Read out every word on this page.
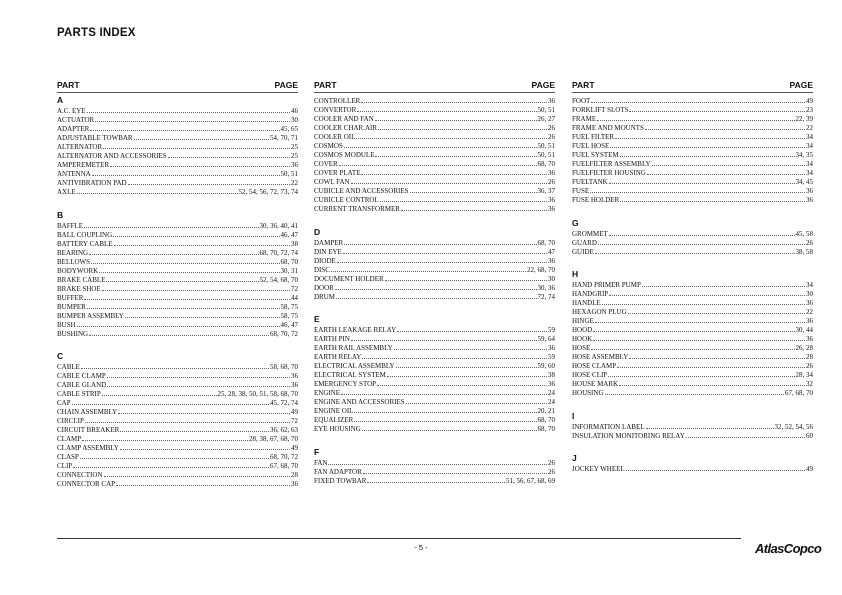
PARTS INDEX
PART	PAGE
A
A.C. EYE	46
ACTUATOR	30
ADAPTER	45, 65
ADJUSTABLE TOWBAR	54, 70, 71
ALTERNATOR	25
ALTERNATOR AND ACCESSORIES	25
AMPEREMETER	36
ANTENNA	50, 51
ANTIVIBRATION PAD	22
AXLE	52, 54, 56, 72, 73, 74
B
BAFFLE	30, 36, 40, 41
BALL COUPLING	46, 47
BATTERY CABLE	38
BEARING	68, 70, 72, 74
BELLOWS	68, 70
BODYWORK	30, 31
BRAKE CABLE	52, 54, 68, 70
BRAKE SHOE	72
BUFFER	44
BUMPER	58, 75
BUMPER ASSEMBLY	58, 75
BUSH	46, 47
BUSHING	68, 70, 72
C
CABLE	58, 68, 70
CABLE CLAMP	36
CABLE GLAND	36
CABLE STRIP	25, 28, 38, 50, 51, 58, 68, 70
CAP	45, 72, 74
CHAIN ASSEMBLY	49
CIRCLIP	72
CIRCUIT BREAKER	36, 62, 63
CLAMP	28, 38, 67, 68, 70
CLAMP ASSEMBLY	49
CLASP	68, 70, 72
CLIP	67, 68, 70
CONNECTION	28
CONNECTOR CAP	36
PART	PAGE
CONTROLLER	36
CONVERTOR	50, 51
COOLER AND FAN	26, 27
COOLER CHAR.AIR	26
COOLER OIL	26
COSMOS	50, 51
COSMOS MODULE	50, 51
COVER	68, 70
COVER PLATE	36
COWL FAN	26
CUBICLE AND ACCESSORIES	36, 37
CUBICLE CONTROL	36
CURRENT TRANSFORMER	36
D
DAMPER	68, 70
DIN EYE	47
DIODE	36
DISC	22, 68, 70
DOCUMENT HOLDER	30
DOOR	30, 36
DRUM	72, 74
E
EARTH LEAKAGE RELAY	59
EARTH PIN	59, 64
EARTH RAIL ASSEMBLY	36
EARTH RELAY	59
ELECTRICAL ASSEMBLY	59, 60
ELECTRICAL SYSTEM	38
EMERGENCY STOP	36
ENGINE	24
ENGINE AND ACCESSORIES	24
ENGINE OIL	20, 21
EQUALIZER	68, 70
EYE HOUSING	68, 70
F
FAN	26
FAN ADAPTOR	26
FIXED TOWBAR	51, 56, 67, 68, 69
PART	PAGE
FOOT	49
FORKLIFT SLOTS	23
FRAME	22, 39
FRAME AND MOUNTS	22
FUEL FILTER	34
FUEL HOSE	34
FUEL SYSTEM	34, 35
FUELFILTER ASSEMBLY	34
FUELFILTER HOUSING	34
FUELTANK	34, 45
FUSE	36
FUSE HOLDER	36
G
GROMMET	45, 58
GUARD	26
GUIDE	38, 58
H
HAND PRIMER PUMP	34
HANDGRIP	30
HANDLE	36
HEXAGON PLUG	22
HINGE	36
HOOD	30, 44
HOOK	36
HOSE	26, 28
HOSE ASSEMBLY	28
HOSE CLAMP	26
HOSE CLIP	28, 34
HOUSE MARK	32
HOUSING	67, 68, 70
I
INFORMATION LABEL	32, 52, 54, 56
INSULATION MONITORING RELAY	60
J
JOCKEY WHEEL	49
- 5 -	AtlasCopco
